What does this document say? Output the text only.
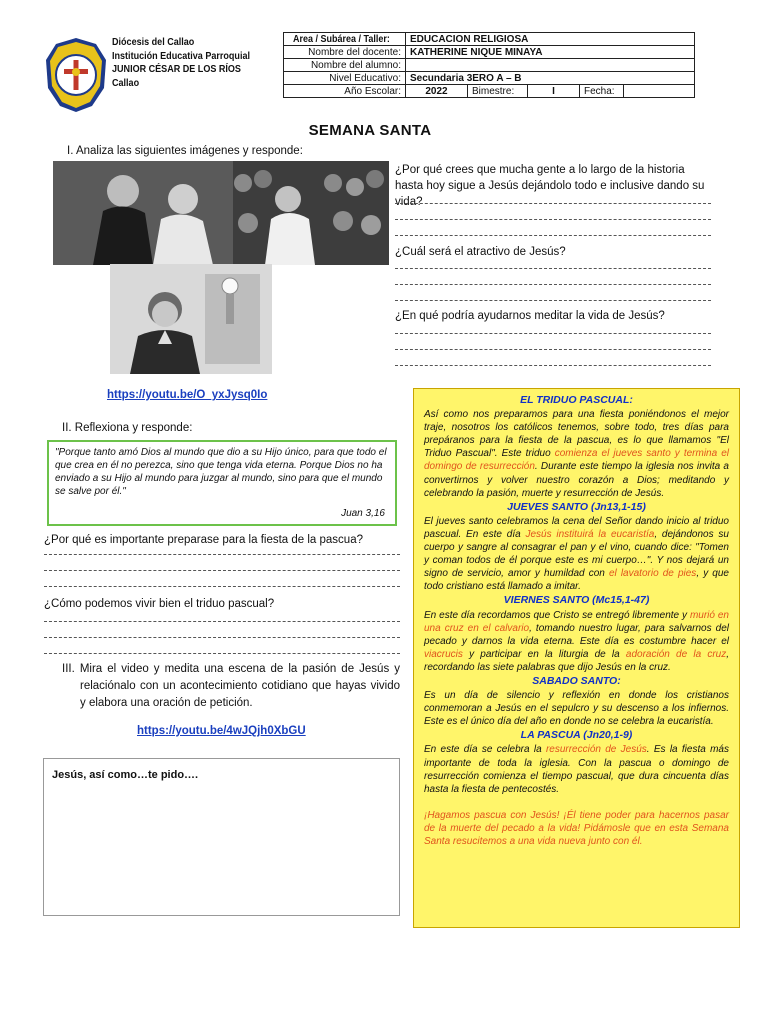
Diócesis del Callao
Institución Educativa Parroquial
JUNIOR CÉSAR DE LOS RÍOS
Callao
Area / Subárea / Taller:	EDUCACION RELIGIOSA				
Nombre del docente:	KATHERINE NIQUE MINAYA				
Nombre del alumno:					
Nivel Educativo:	Secundaria 3ERO A – B				
Año Escolar:	2022	Bimestre:	I	Fecha:	
SEMANA SANTA
I. Analiza las siguientes imágenes y responde:
https://youtu.be/O_yxJysq0Io
¿Por qué crees que mucha gente a lo largo de la historia hasta hoy sigue a Jesús dejándolo todo e inclusive dando su vida?
¿Cuál será el atractivo de Jesús?
¿En qué podría ayudarnos meditar la vida de Jesús?
II. Reflexiona y responde:
"Porque tanto amó Dios al mundo que dio a su Hijo único, para que todo el que crea en él no perezca, sino que tenga vida eterna. Porque Dios no ha enviado a su Hijo al mundo para juzgar al mundo, sino para que el mundo se salve por él."
Juan 3,16
¿Por qué es importante preparase para la fiesta de la pascua?
¿Cómo podemos vivir bien el triduo pascual?
III. Mira el video y medita una escena de la pasión de Jesús y relaciónalo con un acontecimiento cotidiano que hayas vivido y elabora una oración de petición.
https://youtu.be/4wJQjh0XbGU
Jesús, así como…te pido….
EL TRIDUO PASCUAL:

Así como nos preparamos para una fiesta poniéndonos el mejor traje, nosotros los católicos tenemos, sobre todo, tres días para prepáranos para la fiesta de la pascua, es lo que llamamos "El Triduo Pascual". Este triduo comienza el jueves santo y termina el domingo de resurrección. Durante este tiempo la iglesia nos invita a convertirnos y volver nuestro corazón a Dios; meditando y celebrando la pasión, muerte y resurrección de Jesús.

JUEVES SANTO (Jn13,1-15)

El jueves santo celebramos la cena del Señor dando inicio al triduo pascual. En este día Jesús instituirá la eucaristía, dejándonos su cuerpo y sangre al consagrar el pan y el vino, cuando dice: "Tomen y coman todos de él porque este es mi cuerpo…". Y nos dejará un signo de servicio, amor y humildad con el lavatorio de pies, y que todo cristiano está llamado a imitar.

VIERNES SANTO (Mc15,1-47)

En este día recordamos que Cristo se entregó libremente y murió en una cruz en el calvario, tomando nuestro lugar, para salvarnos del pecado y darnos la vida eterna. Este día es costumbre hacer el viacrucis y participar en la liturgia de la adoración de la cruz, recordando las siete palabras que dijo Jesús en la cruz.

SABADO SANTO:

Es un día de silencio y reflexión en donde los cristianos conmemoran a Jesús en el sepulcro y su descenso a los infiernos. Este es el único día del año en donde no se celebra la eucaristía.

LA PASCUA (Jn20,1-9)

En este día se celebra la resurrección de Jesús. Es la fiesta más importante de toda la iglesia. Con la pascua o domingo de resurrección comienza el tiempo pascual, que dura cincuenta días hasta la fiesta de pentecostés.

¡Hagamos pascua con Jesús! ¡Él tiene poder para hacernos pasar de la muerte del pecado a la vida! Pidámosle que en esta Semana Santa resucitemos a una vida nueva junto con él.
